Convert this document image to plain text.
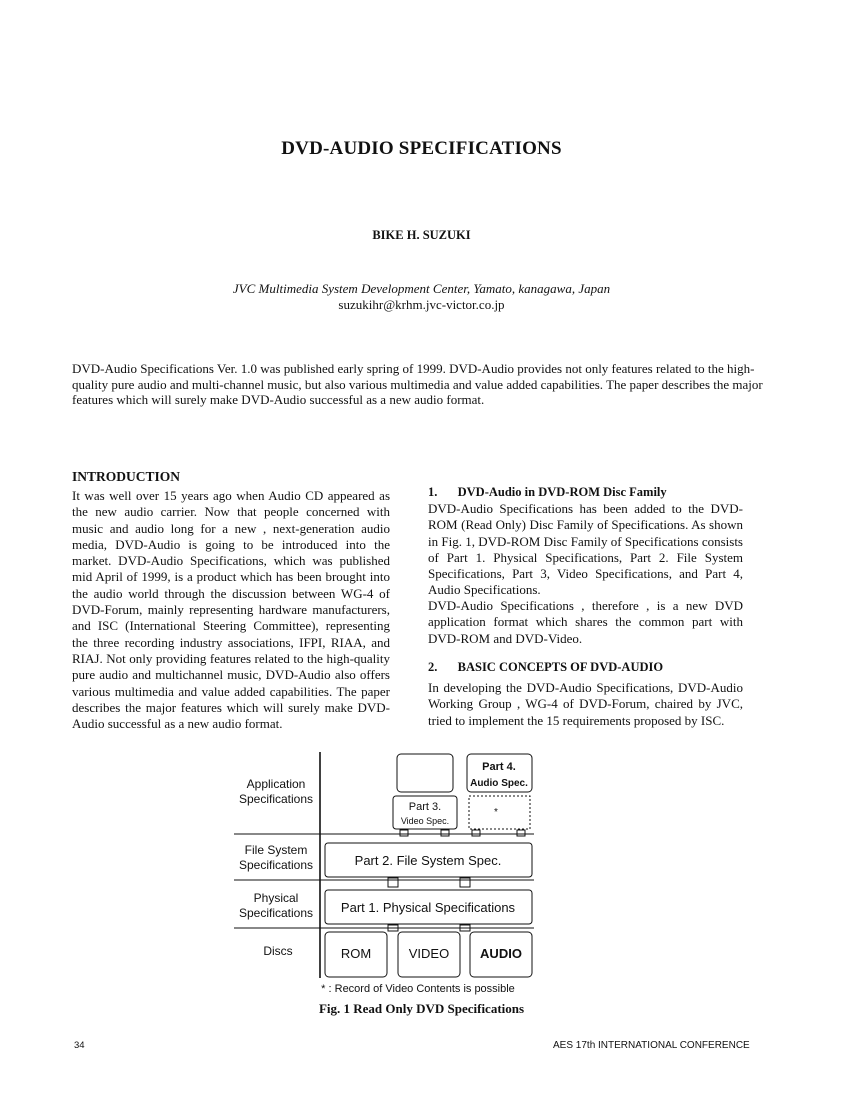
DVD-AUDIO SPECIFICATIONS
BIKE H. SUZUKI
JVC Multimedia System Development Center, Yamato, kanagawa, Japan
suzukihr@krhm.jvc-victor.co.jp
DVD-Audio Specifications Ver. 1.0 was published early spring of 1999. DVD-Audio provides not only features related to the high-quality pure audio and multi-channel music, but also various multimedia and value added capabilities. The paper describes the major features which will surely make DVD-Audio successful as a new audio format.
INTRODUCTION
It was well over 15 years ago when Audio CD appeared as the new audio carrier. Now that people concerned with music and audio long for a new , next-generation audio media, DVD-Audio is going to be introduced into the market. DVD-Audio Specifications, which was published mid April of 1999, is a product which has been brought into the audio world through the discussion between WG-4 of DVD-Forum, mainly representing hardware manufacturers, and ISC (International Steering Committee), representing the three recording industry associations, IFPI, RIAA, and RIAJ. Not only providing features related to the high-quality pure audio and multichannel music, DVD-Audio also offers various multimedia and value added capabilities. The paper describes the major features which will surely make DVD-Audio successful as a new audio format.
1. DVD-Audio in DVD-ROM Disc Family
DVD-Audio Specifications has been added to the DVD-ROM (Read Only) Disc Family of Specifications. As shown in Fig. 1, DVD-ROM Disc Family of Specifications consists of Part 1. Physical Specifications, Part 2. File System Specifications, Part 3, Video Specifications, and Part 4, Audio Specifications.
DVD-Audio Specifications , therefore , is a new DVD application format which shares the common part with DVD-ROM and DVD-Video.
2. BASIC CONCEPTS OF DVD-AUDIO
In developing the DVD-Audio Specifications, DVD-Audio Working Group , WG-4 of DVD-Forum, chaired by JVC, tried to implement the 15 requirements proposed by ISC.
Application
Specifications
File System
Specifications
Physical
Specifications
Discs
Part 4.
Audio Spec.
Part 3.
Video Spec.
*
Part 2. File System Spec.
Part 1. Physical Specifications
ROM	VIDEO AUDIO
* : Record of Video Contents is possible
Fig. 1 Read Only DVD Specifications
34	AES 17th INTERNATIONAL CONFERENCE
